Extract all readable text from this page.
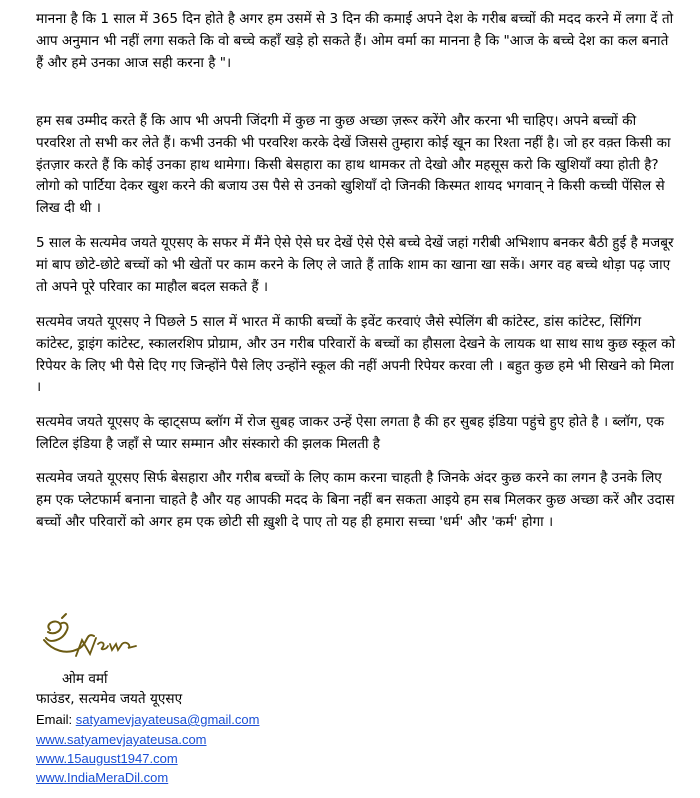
मानना है कि 1 साल में 365 दिन होते है अगर हम उसमें से 3 दिन की कमाई अपने देश के गरीब बच्चों की मदद करने में लगा दें तो आप अनुमान भी नहीं लगा सकते कि वो बच्चे कहाँ खड़े हो सकते हैं। ओम वर्मा का मानना है कि "आज के बच्चे देश का कल बनाते हैं और हमे उनका आज सही करना है "।

हम सब उम्मीद करते हैं कि आप भी अपनी जिंदगी में कुछ ना कुछ अच्छा ज़रूर करेंगे और करना भी चाहिए। अपने बच्चों की परवरिश तो सभी कर लेते हैं। कभी उनकी भी परवरिश करके देखें जिससे तुम्हारा कोई खून का रिश्ता नहीं है। जो हर वक़्त किसी का इंतज़ार करते हैं कि कोई उनका हाथ थामेगा। किसी बेसहारा का हाथ थामकर तो देखो और महसूस करो कि खुशियाँ क्या होती है? लोगो को पार्टिया देकर खुश करने की बजाय उस पैसे से उनको खुशियाँ दो जिनकी किस्मत शायद भगवान् ने किसी कच्ची पेंसिल से लिख दी थी ।

5 साल के सत्यमेव जयते यूएसए के सफर में मैंने ऐसे ऐसे घर देखें ऐसे ऐसे बच्चे देखें जहां गरीबी अभिशाप बनकर बैठी हुई है मजबूर मां बाप छोटे-छोटे बच्चों को भी खेतों पर काम करने के लिए ले जाते हैं ताकि शाम का खाना खा सकें। अगर वह बच्चे थोड़ा पढ़ जाए तो अपने पूरे परिवार का माहौल बदल सकते हैं ।

सत्यमेव जयते यूएसए ने पिछले 5 साल में भारत में काफी बच्चों के इवेंट करवाएं जैसे स्पेलिंग बी कांटेस्ट, डांस कांटेस्ट, सिंगिंग कांटेस्ट, ड्राइंग कांटेस्ट, स्कालरशिप प्रोग्राम, और उन गरीब परिवारों के बच्चों का हौसला देखने के लायक था साथ साथ कुछ स्कूल को रिपेयर के लिए भी पैसे दिए गए जिन्होंने पैसे लिए उन्होंने स्कूल की नहीं अपनी रिपेयर करवा ली । बहुत कुछ हमे भी सिखने को मिला ।

सत्यमेव जयते यूएसए के व्हाट्सप्प ब्लॉग में रोज सुबह जाकर उन्हें ऐसा लगता है की हर सुबह इंडिया पहुंचे हुए होते है । ब्लॉग, एक लिटिल इंडिया है जहाँ से प्यार सम्मान और संस्कारो की झलक मिलती है

सत्यमेव जयते यूएसए सिर्फ बेसहारा और गरीब बच्चों के लिए काम करना चाहती है जिनके अंदर कुछ करने का लगन है उनके लिए हम एक प्लेटफार्म बनाना चाहते है और यह आपकी मदद के बिना नहीं बन सकता आइये हम सब मिलकर कुछ अच्छा करें और उदास बच्चों और परिवारों को अगर हम एक छोटी सी ख़ुशी दे पाए तो यह ही हमारा सच्चा 'धर्म' और 'कर्म' होगा ।

ओम वर्मा
फाउंडर, सत्यमेव जयते यूएसए
Email: satyamevjayateusa@gmail.com
www.satyamevjayateusa.com
www.15august1947.com
www.IndiaMeraDil.com
